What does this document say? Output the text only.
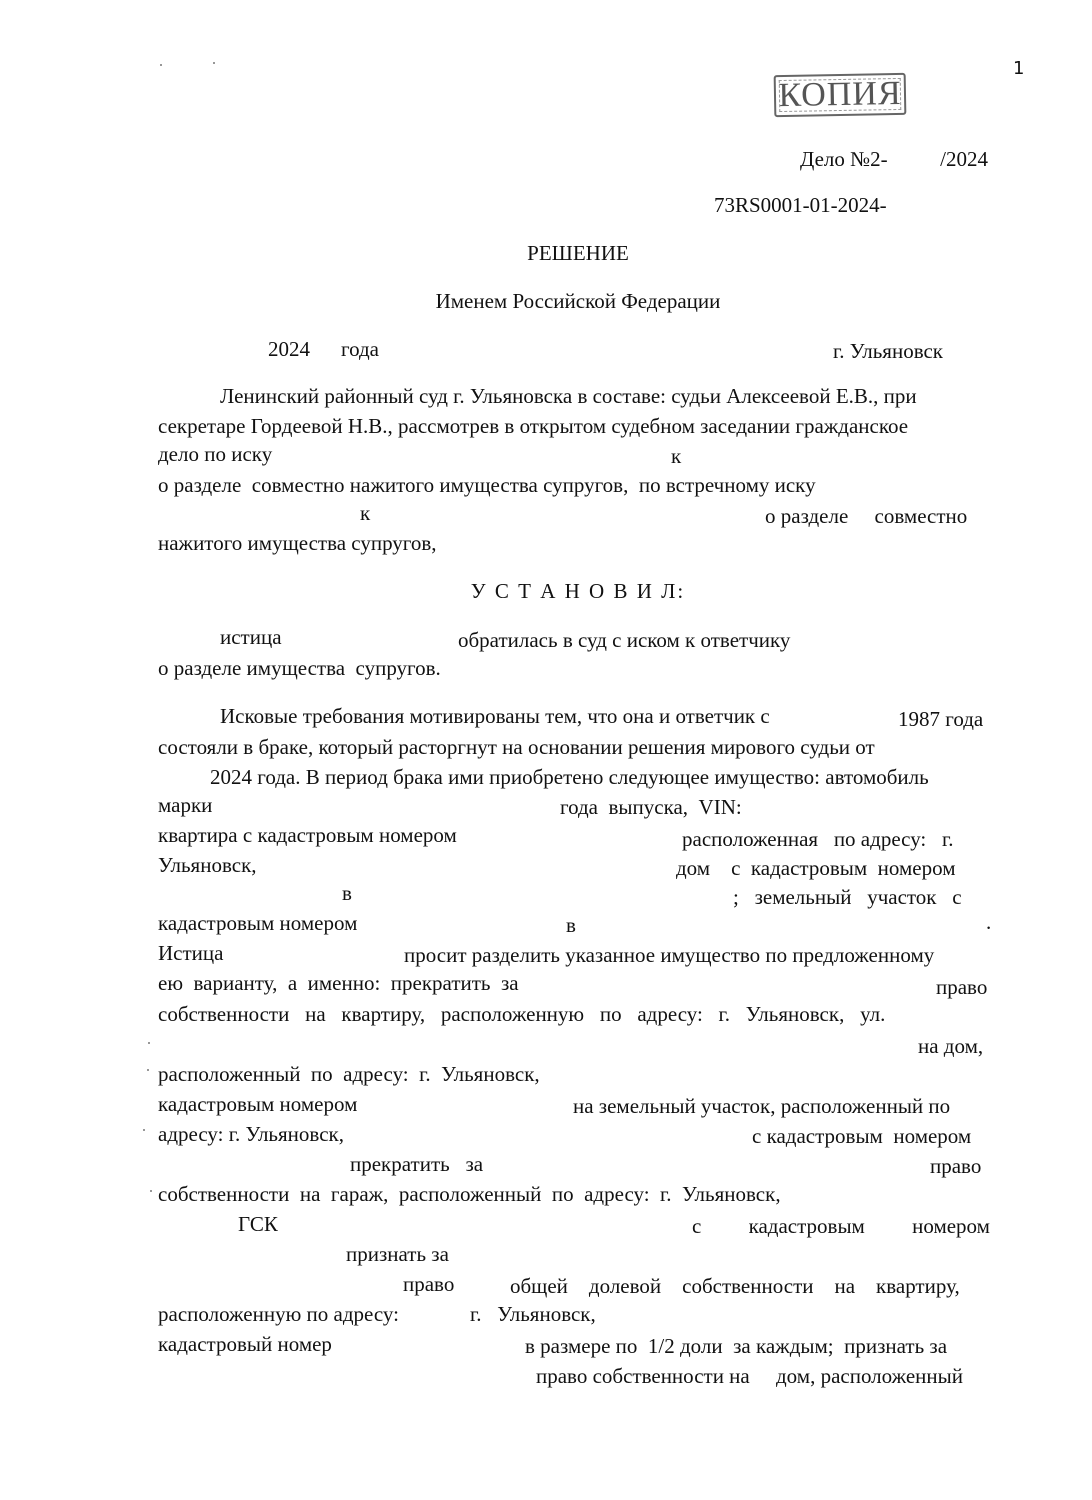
1
КОПИЯ
Дело №2-          /2024
73RS0001-01-2024-
РЕШЕНИЕ
Именем Российской Федерации
2024 года	г. Ульяновск
Ленинский районный суд г. Ульяновска в составе: судьи Алексеевой Е.В., при
секретаре Гордеевой Н.В., рассмотрев в открытом судебном заседании гражданское
дело по иску	к
о разделе  совместно нажитого имущества супругов,  по встречному иску
к	о разделе     совместно
нажитого имущества супругов,
У С Т А Н О В И Л:
истица	обратилась в суд с иском к ответчику
о разделе имущества  супругов.
Исковые требования мотивированы тем, что она и ответчик с	1987 года
состояли в браке, который расторгнут на основании решения мирового судьи от
2024 года. В период брака ими приобретено следующее имущество: автомобиль
марки	года  выпуска,  VIN:
квартира с кадастровым номером	расположенная   по адресу:   г.
Ульяновск,	дом    с  кадастровым  номером
в	;   земельный   участок   с
кадастровым номером	в	.
Истица	просит разделить указанное имущество по предложенному
ею  варианту,  а  именно:  прекратить  за	право
собственности   на   квартиру,   расположенную   по   адресу:   г.   Ульяновск,   ул.
на дом,
расположенный  по  адресу:  г.  Ульяновск,
кадастровым номером	на земельный участок, расположенный по
адресу: г. Ульяновск,	с кадастровым  номером
прекратить   за	право
собственности  на  гараж,  расположенный  по  адресу:  г.  Ульяновск,
ГСК	с         кадастровым         номером
признать за
право	общей    долевой    собственности    на    квартиру,
расположенную по адресу:	г.   Ульяновск,
кадастровый номер	в размере по  1/2 доли  за каждым;  признать за
право собственности на     дом, расположенный
